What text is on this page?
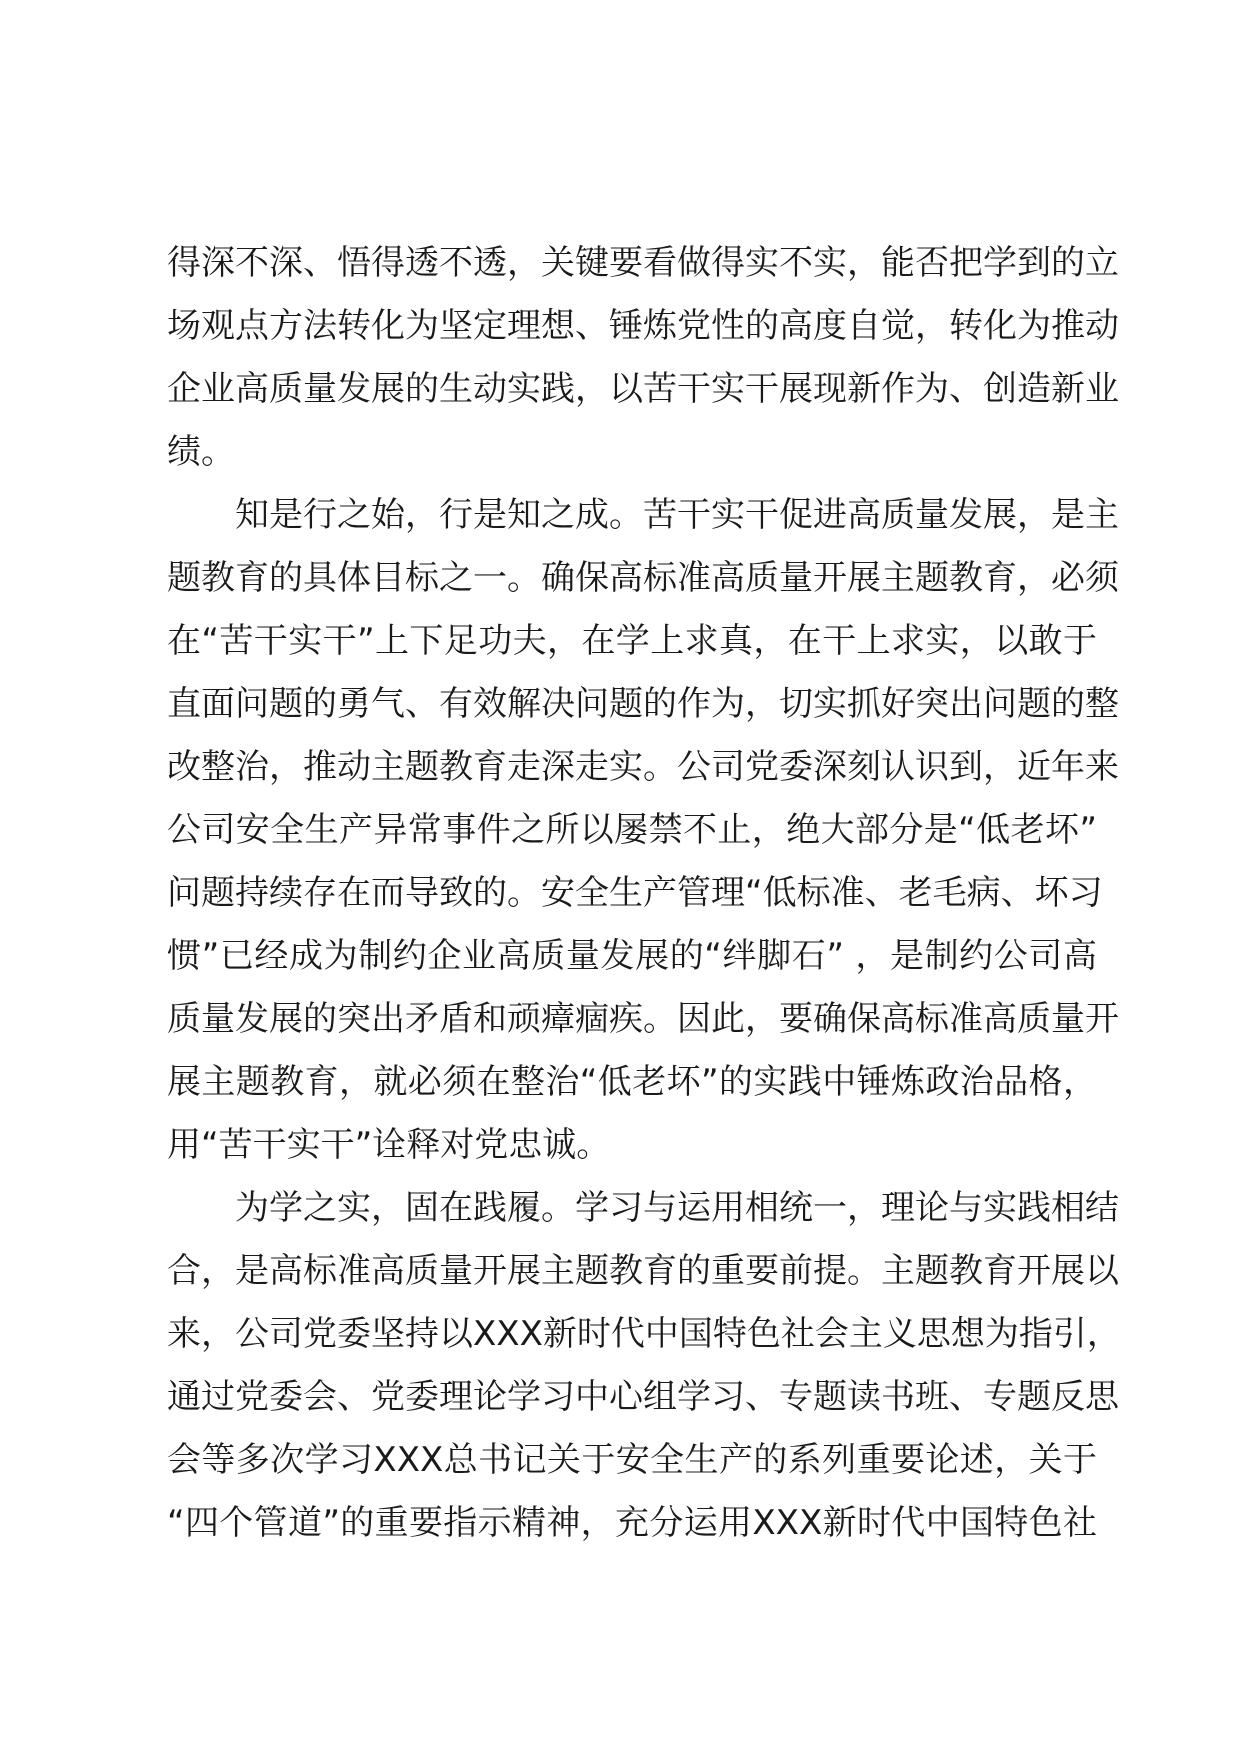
得深不深、悟得透不透，关键要看做得实不实，能否把学到的立
场观点方法转化为坚定理想、锤炼党性的高度自觉，转化为推动
企业高质量发展的生动实践，以苦干实干展现新作为、创造新业
绩。
知是行之始，行是知之成。苦干实干促进高质量发展，是主
题教育的具体目标之一。确保高标准高质量开展主题教育，必须
在“苦干实干”上下足功夫，在学上求真，在干上求实，以敢于
直面问题的勇气、有效解决问题的作为，切实抓好突出问题的整
改整治，推动主题教育走深走实。公司党委深刻认识到，近年来
公司安全生产异常事件之所以屡禁不止，绝大部分是“低老坏”
问题持续存在而导致的。安全生产管理“低标准、老毛病、坏习
惯”已经成为制约企业高质量发展的“绊脚石” ，是制约公司高
质量发展的突出矛盾和顽瘴痼疾。因此，要确保高标准高质量开
展主题教育，就必须在整治“低老坏”的实践中锤炼政治品格，
用“苦干实干”诠释对党忠诚。
为学之实，固在践履。学习与运用相统一，理论与实践相结
合，是高标准高质量开展主题教育的重要前提。主题教育开展以
来，公司党委坚持以XXX新时代中国特色社会主义思想为指引，
通过党委会、党委理论学习中心组学习、专题读书班、专题反思
会等多次学习XXX总书记关于安全生产的系列重要论述，关于
“四个管道”的重要指示精神，充分运用XXX新时代中国特色社
